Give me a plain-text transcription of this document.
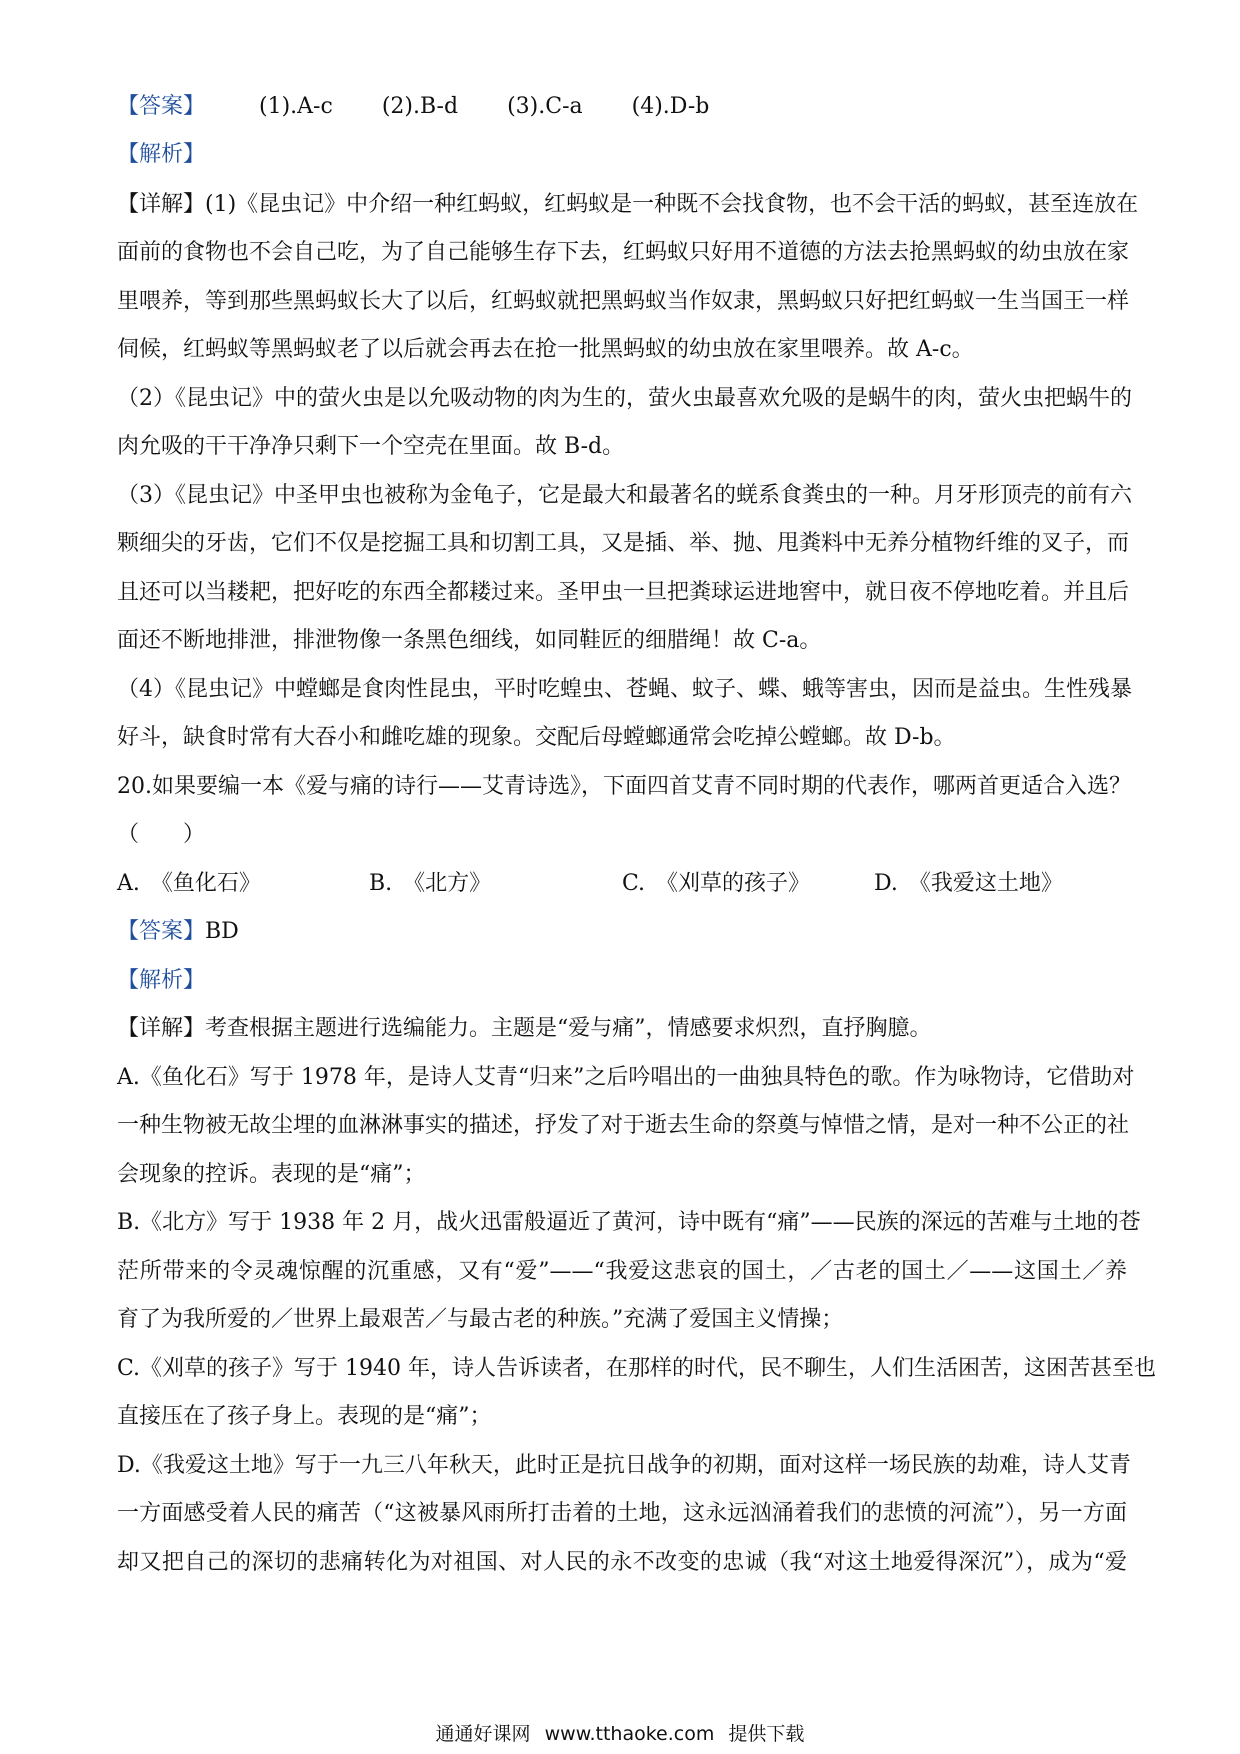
【答案】 (1).A-c (2).B-d (3).C-a (4).D-b
【解析】
【详解】(1)《昆虫记》中介绍一种红蚂蚁，红蚂蚁是一种既不会找食物，也不会干活的蚂蚁，甚至连放在
面前的食物也不会自己吃，为了自己能够生存下去，红蚂蚁只好用不道德的方法去抢黑蚂蚁的幼虫放在家
里喂养，等到那些黑蚂蚁长大了以后，红蚂蚁就把黑蚂蚁当作奴隶，黑蚂蚁只好把红蚂蚁一生当国王一样
伺候，红蚂蚁等黑蚂蚁老了以后就会再去在抢一批黑蚂蚁的幼虫放在家里喂养。故 A-c。
（2）《昆虫记》中的萤火虫是以允吸动物的肉为生的，萤火虫最喜欢允吸的是蜗牛的肉，萤火虫把蜗牛的
肉允吸的干干净净只剩下一个空壳在里面。故 B-d。
（3）《昆虫记》中圣甲虫也被称为金龟子，它是最大和最著名的蜣系食粪虫的一种。月牙形顶壳的前有六
颗细尖的牙齿，它们不仅是挖掘工具和切割工具，又是插、举、抛、甩粪料中无养分植物纤维的叉子，而
且还可以当耧耙，把好吃的东西全都耧过来。圣甲虫一旦把粪球运进地窖中，就日夜不停地吃着。并且后
面还不断地排泄，排泄物像一条黑色细线，如同鞋匠的细腊绳！故 C-a。
（4）《昆虫记》中螳螂是食肉性昆虫，平时吃蝗虫、苍蝇、蚊子、蝶、蛾等害虫，因而是益虫。生性残暴
好斗，缺食时常有大吞小和雌吃雄的现象。交配后母螳螂通常会吃掉公螳螂。故 D-b。
20.如果要编一本《爱与痛的诗行——艾青诗选》，下面四首艾青不同时期的代表作，哪两首更适合入选？
（　　）
A.　《鱼化石》	B.　《北方》	C.　《刈草的孩子》	D.　《我爱这土地》
【答案】BD
【解析】
【详解】考查根据主题进行选编能力。主题是“爱与痛”，情感要求炽烈，直抒胸臆。
A.《鱼化石》写于 1978 年，是诗人艾青“归来”之后吟唱出的一曲独具特色的歌。作为咏物诗，它借助对
一种生物被无故尘埋的血淋淋事实的描述，抒发了对于逝去生命的祭奠与悼惜之情，是对一种不公正的社
会现象的控诉。表现的是“痛”；
B.《北方》写于 1938 年 2 月，战火迅雷般逼近了黄河，诗中既有“痛”——民族的深远的苦难与土地的苍
茫所带来的令灵魂惊醒的沉重感，又有“爱”——“我爱这悲哀的国土，／古老的国土／——这国土／养
育了为我所爱的／世界上最艰苦／与最古老的种族。”充满了爱国主义情操；
C.《刈草的孩子》写于 1940 年，诗人告诉读者，在那样的时代，民不聊生，人们生活困苦，这困苦甚至也
直接压在了孩子身上。表现的是“痛”；
D.《我爱这土地》写于一九三八年秋天，此时正是抗日战争的初期，面对这样一场民族的劫难，诗人艾青
一方面感受着人民的痛苦（“这被暴风雨所打击着的土地，这永远汹涌着我们的悲愤的河流”），另一方面
却又把自己的深切的悲痛转化为对祖国、对人民的永不改变的忠诚（我“对这土地爱得深沉”），成为“爱
通通好课网 www.tthaoke.com 提供下载
